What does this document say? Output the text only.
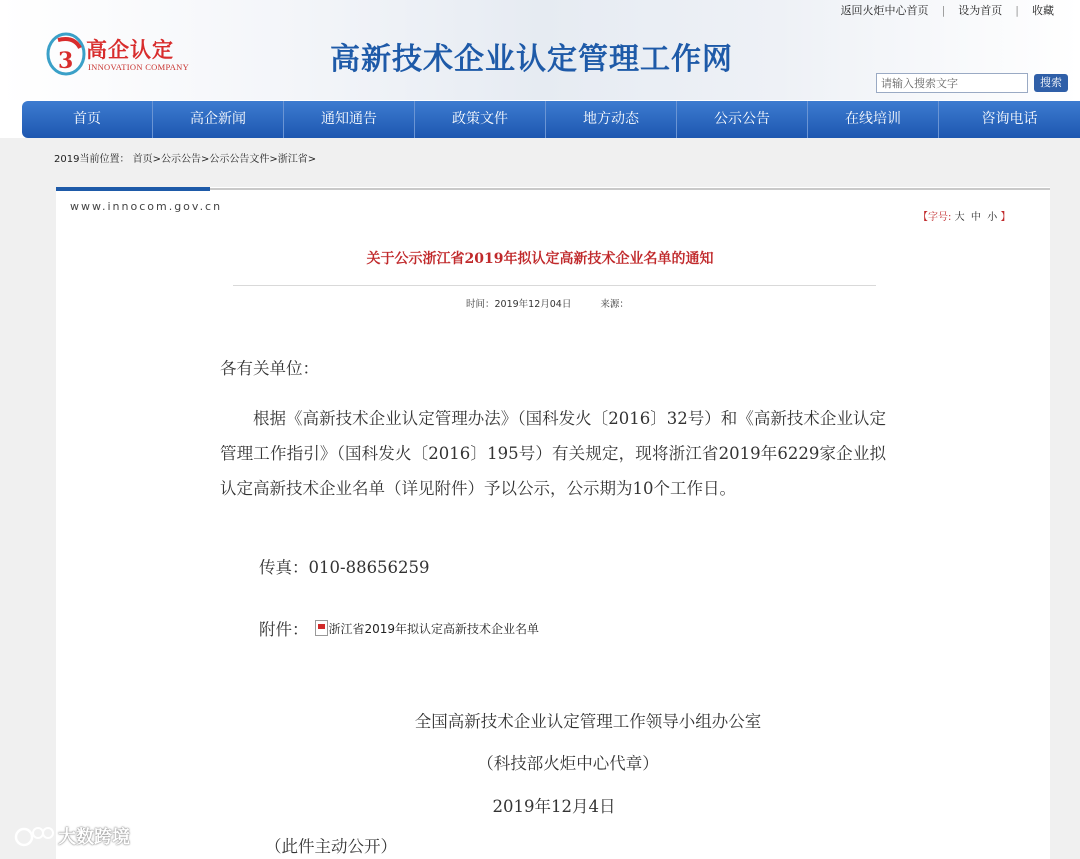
返回火炬中心首页 | 设为首页 | 收藏
3 高企认定
INNOVATION COMPANY	高新技术企业认定管理工作网
请输入搜索文字
搜索
首页	高企新闻	通知通告	政策文件	地方动态	公示公告	在线培训	咨询电话
2019当前位置： 首页>公示公告>公示公告文件>浙江省>
www.innocom.gov.cn
【字号: 大 中 小 】
关于公示浙江省2019年拟认定高新技术企业名单的通知
时间：2019年12月04日	来源：
各有关单位：
根据《高新技术企业认定管理办法》（国科发火〔2016〕32号）和《高新技术企业认定管理工作指引》（国科发火〔2016〕195号）有关规定，现将浙江省2019年6229家企业拟认定高新技术企业名单（详见附件）予以公示，公示期为10个工作日。
传真：010-88656259
附件： 浙江省2019年拟认定高新技术企业名单
全国高新技术企业认定管理工作领导小组办公室
（科技部火炬中心代章）
2019年12月4日
（此件主动公开）
大数跨境
